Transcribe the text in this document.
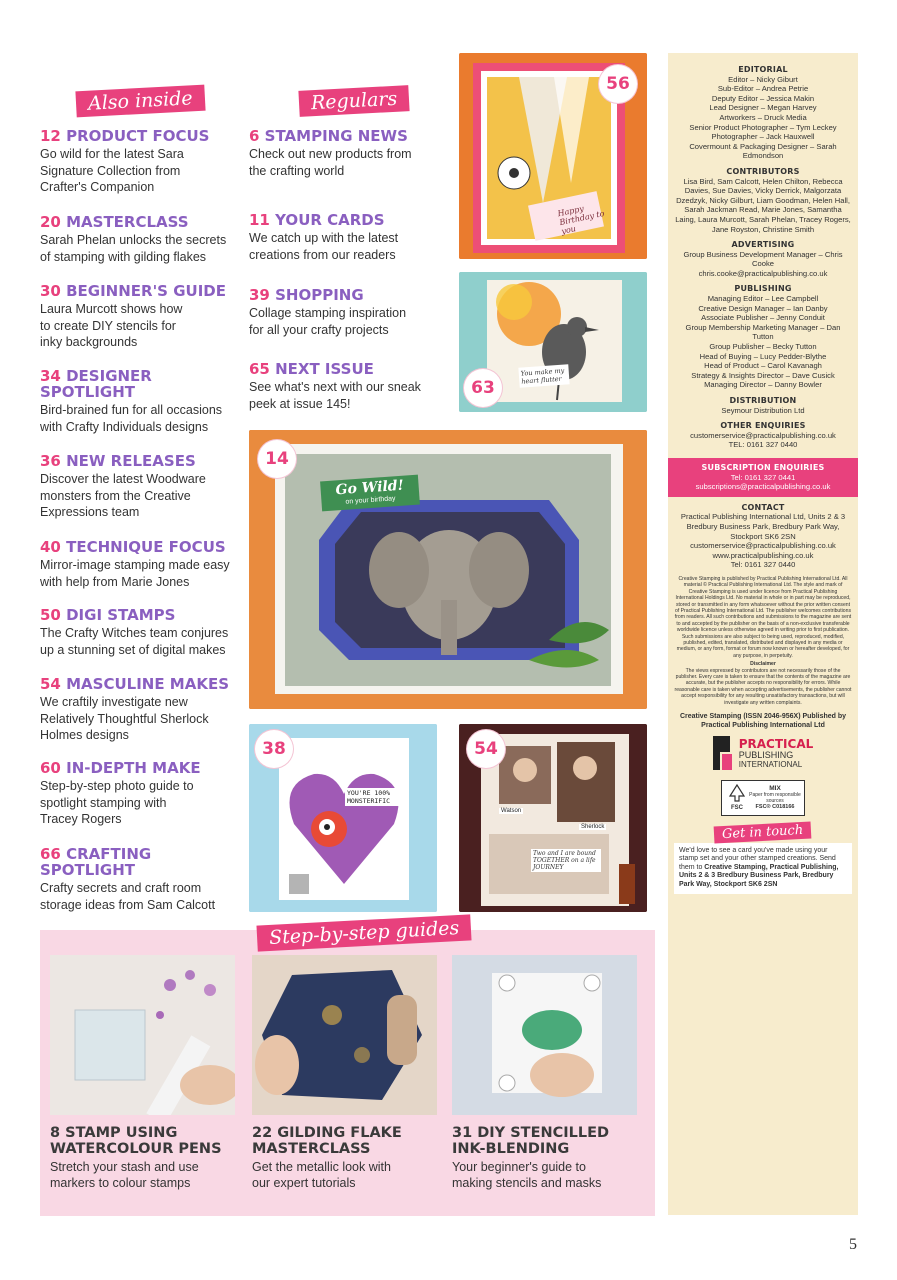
Also inside	Regulars
12 PRODUCT FOCUS
Go wild for the latest Sara Signature Collection from Crafter's Companion
20 MASTERCLASS
Sarah Phelan unlocks the secrets of stamping with gilding flakes
30 BEGINNER'S GUIDE
Laura Murcott shows how to create DIY stencils for inky backgrounds
34 DESIGNER SPOTLIGHT
Bird-brained fun for all occasions with Crafty Individuals designs
36 NEW RELEASES
Discover the latest Woodware monsters from the Creative Expressions team
40 TECHNIQUE FOCUS
Mirror-image stamping made easy with help from Marie Jones
50 DIGI STAMPS
The Crafty Witches team conjures up a stunning set of digital makes
54 MASCULINE MAKES
We craftily investigate new Relatively Thoughtful Sherlock Holmes designs
60 IN-DEPTH MAKE
Step-by-step photo guide to spotlight stamping with Tracey Rogers
66 CRAFTING SPOTLIGHT
Crafty secrets and craft room storage ideas from Sam Calcott
6 STAMPING NEWS
Check out new products from the crafting world
11 YOUR CARDS
We catch up with the latest creations from our readers
39 SHOPPING
Collage stamping inspiration for all your crafty projects
65 NEXT ISSUE
See what's next with our sneak peek at issue 145!
Happy Birthday to you
56
You make my heart flutter
63
Go Wild!
on your birthday
14
YOU'RE 100% MONSTERIFIC
38
Watson
Sherlock
Two and I are bound TOGETHER on a life JOURNEY
54
8 STAMP USING WATERCOLOUR PENS
Stretch your stash and use markers to colour stamps
22 GILDING FLAKE MASTERCLASS
Get the metallic look with our expert tutorials
31 DIY STENCILLED INK-BLENDING
Your beginner's guide to making stencils and masks
Step-by-step guides
EDITORIAL
Editor – Nicky Giburt
Sub-Editor – Andrea Petrie
Deputy Editor – Jessica Makin
Lead Designer – Megan Harvey
Artworkers – Druck Media
Senior Product Photographer – Tym Leckey
Photographer – Jack Hauxwell
Covermount & Packaging Designer – Sarah Edmondson
CONTRIBUTORS
Lisa Bird, Sam Calcott, Helen Chilton, Rebecca Davies, Sue Davies, Vicky Derrick, Malgorzata Dzedzyk, Nicky Gilburt, Liam Goodman, Helen Hall, Sarah Jackman Read, Marie Jones, Samantha Laing, Laura Murcott, Sarah Phelan, Tracey Rogers, Jane Royston, Christine Smith
ADVERTISING
Group Business Development Manager – Chris Cooke
chris.cooke@practicalpublishing.co.uk
PUBLISHING
Managing Editor – Lee Campbell
Creative Design Manager – Ian Danby
Associate Publisher – Jenny Conduit
Group Membership Marketing Manager – Dan Tutton
Group Publisher – Becky Tutton
Head of Buying – Lucy Pedder-Blythe
Head of Product – Carol Kavanagh
Strategy & Insights Director – Dave Cusick
Managing Director – Danny Bowler
DISTRIBUTION
Seymour Distribution Ltd
OTHER ENQUIRIES
customerservice@practicalpublishing.co.uk
TEL: 0161 327 0440
SUBSCRIPTION ENQUIRIES
Tel: 0161 327 0441
subscriptions@practicalpublishing.co.uk
CONTACT
Practical Publishing International Ltd, Units 2 & 3 Bredbury Business Park, Bredbury Park Way, Stockport SK6 2SN
customerservice@practicalpublishing.co.uk
www.practicalpublishing.co.uk
Tel: 0161 327 0440
Creative Stamping is published by Practical Publishing International Ltd. All material © Practical Publishing International Ltd. The style and mark of Creative Stamping is used under licence from Practical Publishing International Holdings Ltd. No material in whole or in part may be reproduced, stored or transmitted in any form whatsoever without the prior written consent of Practical Publishing International Ltd. The publisher welcomes contributions from readers. All such contributions and submissions to the magazine are sent to and accepted by the publisher on the basis of a non-exclusive transferable worldwide licence unless otherwise agreed in writing prior to first publication. Such submissions are also subject to being used, reproduced, modified, published, edited, translated, distributed and displayed in any media or medium, or any form, format or forum now known or hereafter developed, for any purpose, in perpetuity.
Disclaimer
The views expressed by contributors are not necessarily those of the publisher. Every care is taken to ensure that the contents of the magazine are accurate, but the publisher accepts no responsibility for errors. While reasonable care is taken when accepting advertisements, the publisher cannot accept responsibility for any resulting unsatisfactory transactions, but will investigate any written complaints.
Creative Stamping (ISSN 2046-956X) Published by Practical Publishing International Ltd
PRACTICAL
PUBLISHING
INTERNATIONAL
FSC
MIX
Paper from responsible sources
FSC® C018166
Get in touch
We'd love to see a card you've made using your stamp set and your other stamped creations. Send them to Creative Stamping, Practical Publishing, Units 2 & 3 Bredbury Business Park, Bredbury Park Way, Stockport SK6 2SN
5
